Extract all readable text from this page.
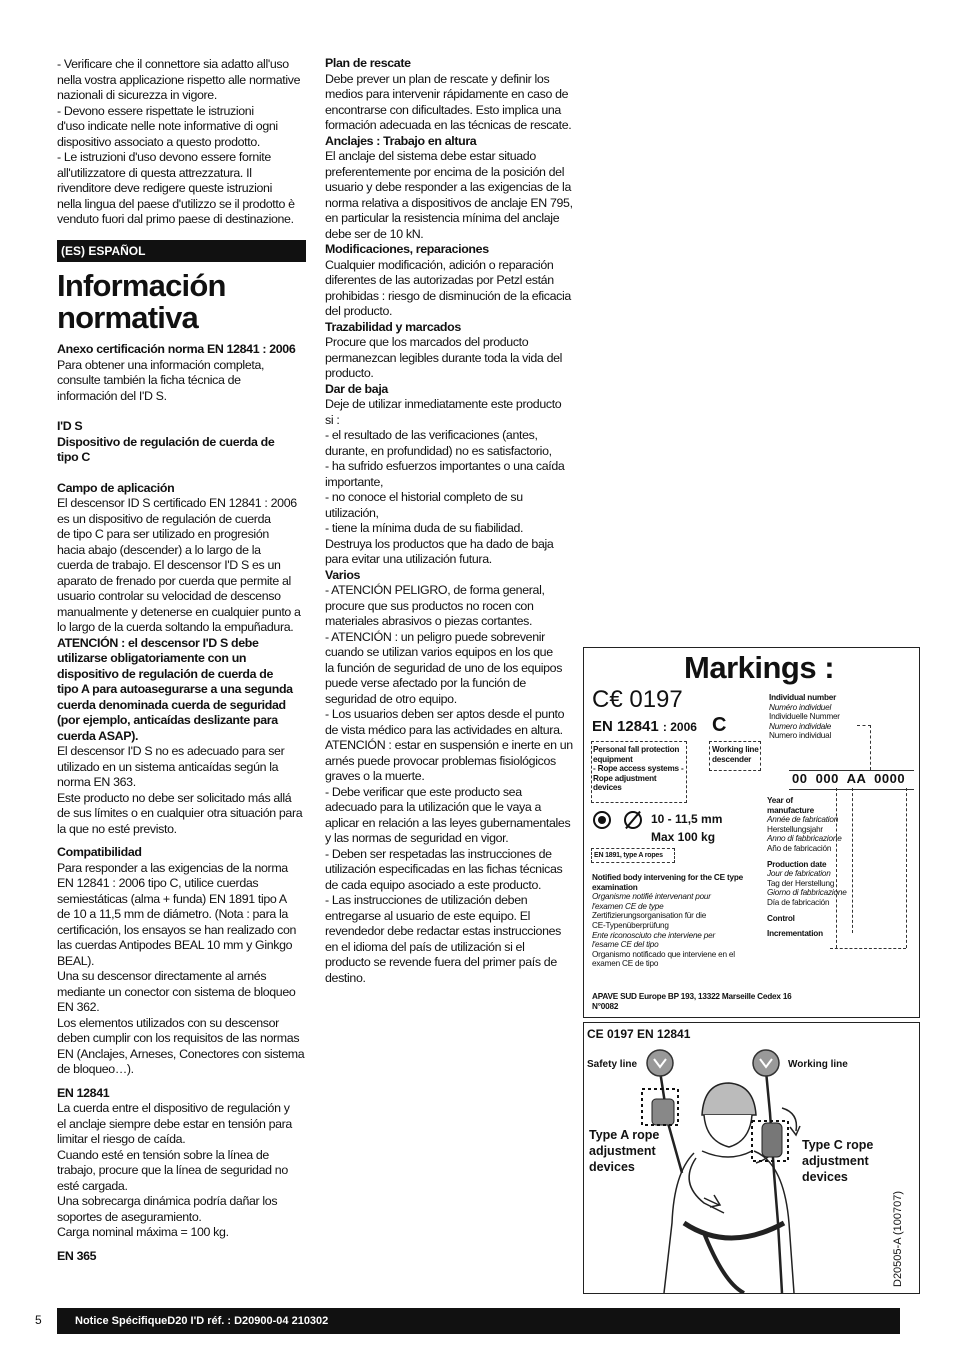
- Verificare che il connettore sia adatto all'uso
nella vostra applicazione rispetto alle normative
nazionali di sicurezza in vigore.
- Devono essere rispettate le istruzioni
d'uso indicate nelle note informative di ogni
dispositivo associato a questo prodotto.
- Le istruzioni d'uso devono essere fornite
all'utilizzatore di questa attrezzatura. Il
rivenditore deve redigere queste istruzioni
nella lingua del paese d'utilizzo se il prodotto è
venduto fuori dal primo paese di destinazione.

(ES) ESPAÑOL
Información
normativa

Anexo certificación norma EN 12841 : 2006

Para obtener una información completa,
consulte también la ficha técnica de
información del I'D S.

I'D S
Dispositivo de regulación de cuerda de
tipo C

Campo de aplicación

El descensor ID S certificado EN 12841 : 2006
es un dispositivo de regulación de cuerda
de tipo C para ser utilizado en progresión
hacia abajo (descender) a lo largo de la
cuerda de trabajo. El descensor I'D S es un
aparato de frenado por cuerda que permite al
usuario controlar su velocidad de descenso
manualmente y detenerse en cualquier punto a
lo largo de la cuerda soltando la empuñadura.

ATENCIÓN : el descensor I'D S debe
utilizarse obligatoriamente con un
dispositivo de regulación de cuerda de
tipo A para autoasegurarse a una segunda
cuerda denominada cuerda de seguridad
(por ejemplo, anticaídas deslizante para
cuerda ASAP).

El descensor I'D S no es adecuado para ser
utilizado en un sistema anticaídas según la
norma EN 363.
Este producto no debe ser solicitado más allá
de sus límites o en cualquier otra situación para
la que no esté previsto.

Compatibilidad

Para responder a las exigencias de la norma
EN 12841 : 2006 tipo C, utilice cuerdas
semiestáticas (alma + funda) EN 1891 tipo A
de 10 a 11,5 mm de diámetro. (Nota : para la
certificación, los ensayos se han realizado con
las cuerdas Antipodes BEAL 10 mm y Ginkgo
BEAL).
Una su descensor directamente al arnés
mediante un conector con sistema de bloqueo
EN 362.
Los elementos utilizados con su descensor
deben cumplir con los requisitos de las normas
EN (Anclajes, Arneses, Conectores con sistema
de bloqueo…).

EN 12841

La cuerda entre el dispositivo de regulación y
el anclaje siempre debe estar en tensión para
limitar el riesgo de caída.
Cuando esté en tensión sobre la línea de
trabajo, procure que la línea de seguridad no
esté cargada.
Una sobrecarga dinámica podría dañar los
soportes de aseguramiento.
Carga nominal máxima = 100 kg.

EN 365

Plan de rescate

Debe prever un plan de rescate y definir los
medios para intervenir rápidamente en caso de
encontrarse con dificultades. Esto implica una
formación adecuada en las técnicas de rescate.

Anclajes : Trabajo en altura

El anclaje del sistema debe estar situado
preferentemente por encima de la posición del
usuario y debe responder a las exigencias de la
norma relativa a dispositivos de anclaje EN 795,
en particular la resistencia mínima del anclaje
debe ser de 10 kN.

Modificaciones, reparaciones

Cualquier modificación, adición o reparación
diferentes de las autorizadas por Petzl están
prohibidas : riesgo de disminución de la eficacia
del producto.

Trazabilidad y marcados

Procure que los marcados del producto
permanezcan legibles durante toda la vida del
producto.

Dar de baja

Deje de utilizar inmediatamente este producto
si :
- el resultado de las verificaciones (antes,
durante, en profundidad) no es satisfactorio,
- ha sufrido esfuerzos importantes o una caída
importante,
- no conoce el historial completo de su
utilización,
- tiene la mínima duda de su fiabilidad.
Destruya los productos que ha dado de baja
para evitar una utilización futura.

Varios

- ATENCIÓN PELIGRO, de forma general,
procure que sus productos no rocen con
materiales abrasivos o piezas cortantes.
- ATENCIÓN : un peligro puede sobrevenir
cuando se utilizan varios equipos en los que
la función de seguridad de uno de los equipos
puede verse afectado por la función de
seguridad de otro equipo.
- Los usuarios deben ser aptos desde el punto
de vista médico para las actividades en altura.
ATENCIÓN : estar en suspensión e inerte en un
arnés puede provocar problemas fisiológicos
graves o la muerte.
- Debe verificar que este producto sea
adecuado para la utilización que le vaya a
aplicar en relación a las leyes gubernamentales
y las normas de seguridad en vigor.
- Deben ser respetadas las instrucciones de
utilización especificadas en las fichas técnicas
de cada equipo asociado a este producto.
- Las instrucciones de utilización deben
entregarse al usuario de este equipo. El
revendedor debe redactar estas instrucciones
en el idioma del país de utilización si el
producto se revende fuera del primer país de
destino.

Markings :
C€ 0197
EN 12841 : 2006 C
Personal fall protection
equipment
- Rope access systems -
Rope adjustment
devices
Working line
descender
Individual number
Numéro individuel
Individuelle Nummer
Numero individale
Numero individual
00  000  AA  0000
Year of
manufacture
Année de fabrication
Herstellungsjahr
Anno di fabbricazione
Año de fabricación
Production date
Jour de fabrication
Tag der Herstellung
Giorno di fabbricazione
Día de fabricación
Control
Incrementation
10 - 11,5 mm
Max 100 kg
EN 1891, type A ropes
Notified body intervening for the CE type
examination
Organisme notifié intervenant pour
l'examen CE de type
Zertifizierungsorganisation für die
CE-Typenüberprüfung
Ente riconosciuto che interviene per
l'esame CE del tipo
Organismo notificado que interviene en el
examen CE de tipo
APAVE SUD Europe BP 193, 13322 Marseille Cedex 16
N°0082
CE 0197 EN 12841
Safety line	Working line
Type A rope
adjustment
devices
Type C rope
adjustment
devices
D20505-A (100707)
5	Notice SpécifiqueD20 I'D réf. : D20900-04 210302
